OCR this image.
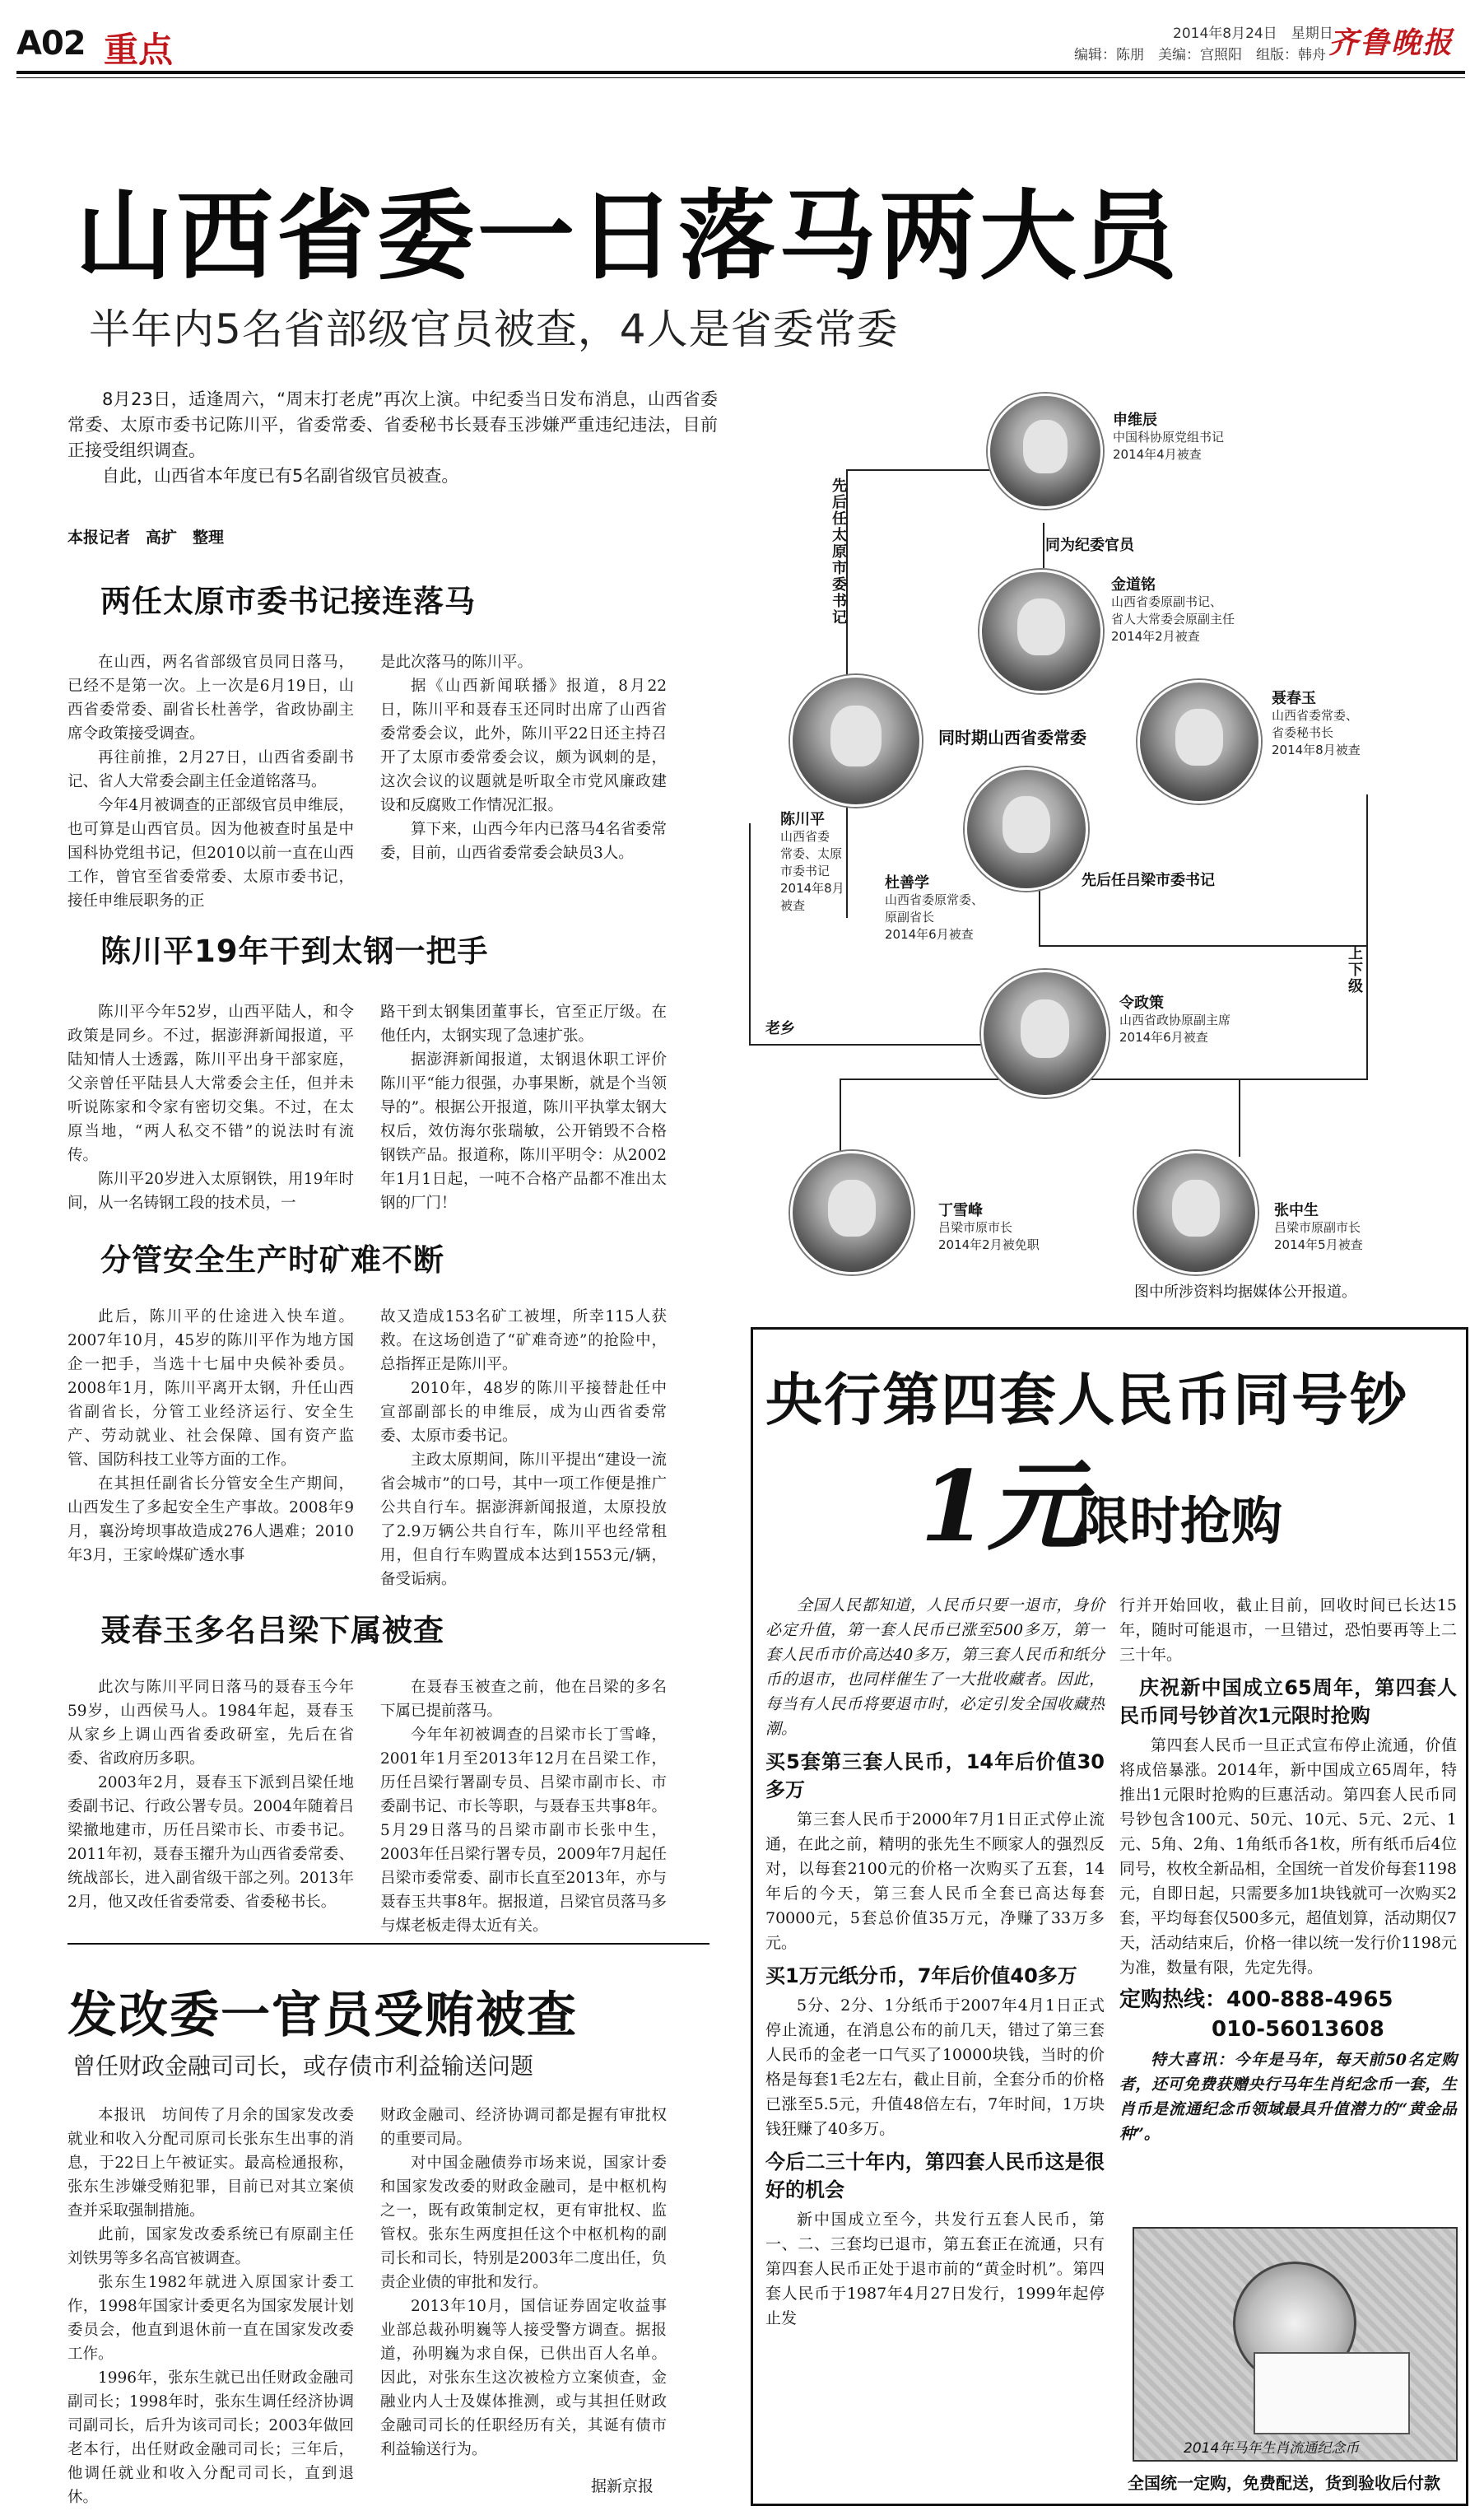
A02 重点	2014年8月24日　星期日
编辑：陈朋　美编：宫照阳　组版：韩舟 齐鲁晚报
山西省委一日落马两大员
半年内5名省部级官员被查，4人是省委常委

8月23日，适逢周六，“周末打老虎”再次上演。中纪委当日发布消息，山西省委常委、太原市委书记陈川平，省委常委、省委秘书长聂春玉涉嫌严重违纪违法，目前正接受组织调查。

自此，山西省本年度已有5名副省级官员被查。

本报记者　高扩　整理
两任太原市委书记接连落马

在山西，两名省部级官员同日落马，已经不是第一次。上一次是6月19日，山西省委常委、副省长杜善学，省政协副主席令政策接受调查。

再往前推，2月27日，山西省委副书记、省人大常委会副主任金道铭落马。

今年4月被调查的正部级官员申维辰，也可算是山西官员。因为他被查时虽是中国科协党组书记，但2010以前一直在山西工作，曾官至省委常委、太原市委书记，接任申维辰职务的正

是此次落马的陈川平。

据《山西新闻联播》报道，8月22日，陈川平和聂春玉还同时出席了山西省委常委会议，此外，陈川平22日还主持召开了太原市委常委会议，颇为讽刺的是，这次会议的议题就是听取全市党风廉政建设和反腐败工作情况汇报。

算下来，山西今年内已落马4名省委常委，目前，山西省委常委会缺员3人。

陈川平19年干到太钢一把手

陈川平今年52岁，山西平陆人，和令政策是同乡。不过，据澎湃新闻报道，平陆知情人士透露，陈川平出身干部家庭，父亲曾任平陆县人大常委会主任，但并未听说陈家和令家有密切交集。不过，在太原当地，“两人私交不错”的说法时有流传。

陈川平20岁进入太原钢铁，用19年时间，从一名铸钢工段的技术员，一

路干到太钢集团董事长，官至正厅级。在他任内，太钢实现了急速扩张。

据澎湃新闻报道，太钢退休职工评价陈川平“能力很强，办事果断，就是个当领导的”。根据公开报道，陈川平执掌太钢大权后，效仿海尔张瑞敏，公开销毁不合格钢铁产品。报道称，陈川平明令：从2002年1月1日起，一吨不合格产品都不准出太钢的厂门！

分管安全生产时矿难不断

此后，陈川平的仕途进入快车道。2007年10月，45岁的陈川平作为地方国企一把手，当选十七届中央候补委员。2008年1月，陈川平离开太钢，升任山西省副省长，分管工业经济运行、安全生产、劳动就业、社会保障、国有资产监管、国防科技工业等方面的工作。

在其担任副省长分管安全生产期间，山西发生了多起安全生产事故。2008年9月，襄汾垮坝事故造成276人遇难；2010年3月，王家岭煤矿透水事

故又造成153名矿工被埋，所幸115人获救。在这场创造了“矿难奇迹”的抢险中，总指挥正是陈川平。

2010年，48岁的陈川平接替赴任中宣部副部长的申维辰，成为山西省委常委、太原市委书记。

主政太原期间，陈川平提出“建设一流省会城市”的口号，其中一项工作便是推广公共自行车。据澎湃新闻报道，太原投放了2.9万辆公共自行车，陈川平也经常租用，但自行车购置成本达到1553元/辆，备受诟病。

聂春玉多名吕梁下属被查

此次与陈川平同日落马的聂春玉今年59岁，山西侯马人。1984年起，聂春玉从家乡上调山西省委政研室，先后在省委、省政府历多职。

2003年2月，聂春玉下派到吕梁任地委副书记、行政公署专员。2004年随着吕梁撤地建市，历任吕梁市长、市委书记。2011年初，聂春玉擢升为山西省委常委、统战部长，进入副省级干部之列。2013年2月，他又改任省委常委、省委秘书长。

在聂春玉被查之前，他在吕梁的多名下属已提前落马。

今年年初被调查的吕梁市长丁雪峰，2001年1月至2013年12月在吕梁工作，历任吕梁行署副专员、吕梁市副市长、市委副书记、市长等职，与聂春玉共事8年。5月29日落马的吕梁市副市长张中生，2003年任吕梁行署专员，2009年7月起任吕梁市委常委、副市长直至2013年，亦与聂春玉共事8年。据报道，吕梁官员落马多与煤老板走得太近有关。

发改委一官员受贿被查
曾任财政金融司司长，或存债市利益输送问题

本报讯　坊间传了月余的国家发改委就业和收入分配司原司长张东生出事的消息，于22日上午被证实。最高检通报称，张东生涉嫌受贿犯罪，目前已对其立案侦查并采取强制措施。

此前，国家发改委系统已有原副主任刘铁男等多名高官被调查。

张东生1982年就进入原国家计委工作，1998年国家计委更名为国家发展计划委员会，他直到退休前一直在国家发改委工作。

1996年，张东生就已出任财政金融司副司长；1998年时，张东生调任经济协调司副司长，后升为该司司长；2003年做回老本行，出任财政金融司司长；三年后，他调任就业和收入分配司司长，直到退休。

财政金融司、经济协调司都是握有审批权的重要司局。

对中国金融债券市场来说，国家计委和国家发改委的财政金融司，是中枢机构之一，既有政策制定权，更有审批权、监管权。张东生两度担任这个中枢机构的副司长和司长，特别是2003年二度出任，负责企业债的审批和发行。

2013年10月，国信证券固定收益事业部总裁孙明巍等人接受警方调查。据报道，孙明巍为求自保，已供出百人名单。因此，对张东生这次被检方立案侦查，金融业内人士及媒体推测，或与其担任财政金融司司长的任职经历有关，其诞有债市利益输送行为。

据新京报
先后任太原市委书记	同为纪委官员
老乡
先后任吕梁市委书记
上下级
申维辰
中国科协原党组书记
2014年4月被查
金道铭
山西省委原副书记、
省人大常委会原副主任
2014年2月被查
同时期山西省委常委
聂春玉
山西省委常委、
省委秘书长
2014年8月被查
陈川平
山西省委
常委、太原
市委书记
2014年8月
被查
杜善学
山西省委原常委、
原副省长
2014年6月被查
令政策
山西省政协原副主席
2014年6月被查
丁雪峰
吕梁市原市长
2014年2月被免职
张中生
吕梁市原副市长
2014年5月被查
图中所涉资料均据媒体公开报道。
央行第四套人民币同号钞
1元
限时抢购

全国人民都知道，人民币只要一退市，身价必定升值，第一套人民币已涨至500多万，第一套人民币市价高达40多万，第三套人民币和纸分币的退市，也同样催生了一大批收藏者。因此，每当有人民币将要退市时，必定引发全国收藏热潮。

买5套第三套人民币，14年后价值30多万

第三套人民币于2000年7月1日正式停止流通，在此之前，精明的张先生不顾家人的强烈反对，以每套2100元的价格一次购买了五套，14年后的今天，第三套人民币全套已高达每套70000元，5套总价值35万元，净赚了33万多元。

买1万元纸分币，7年后价值40多万

5分、2分、1分纸币于2007年4月1日正式停止流通，在消息公布的前几天，错过了第三套人民币的金老一口气买了10000块钱，当时的价格是每套1毛2左右，截止目前，全套分币的价格已涨至5.5元，升值48倍左右，7年时间，1万块钱狂赚了40多万。

今后二三十年内，第四套人民币这是很好的机会

新中国成立至今，共发行五套人民币，第一、二、三套均已退市，第五套正在流通，只有第四套人民币正处于退市前的“黄金时机”。第四套人民币于1987年4月27日发行，1999年起停止发

行并开始回收，截止目前，回收时间已长达15年，随时可能退市，一旦错过，恐怕要再等上二三十年。

庆祝新中国成立65周年，第四套人民币同号钞首次1元限时抢购

第四套人民币一旦正式宣布停止流通，价值将成倍暴涨。2014年，新中国成立65周年，特推出1元限时抢购的巨惠活动。第四套人民币同号钞包含100元、50元、10元、5元、2元、1元、5角、2角、1角纸币各1枚，所有纸币后4位同号，枚枚全新品相，全国统一首发价每套1198元，自即日起，只需要多加1块钱就可一次购买2套，平均每套仅500多元，超值划算，活动期仅7天，活动结束后，价格一律以统一发行价1198元为准，数量有限，先定先得。

定购热线：400-888-4965
010-56013608

特大喜讯：今年是马年，每天前50名定购者，还可免费获赠央行马年生肖纪念币一套，生肖币是流通纪念币领域最具升值潜力的“黄金品种”。

2014年马年生肖流通纪念币
全国统一定购，免费配送，货到验收后付款
